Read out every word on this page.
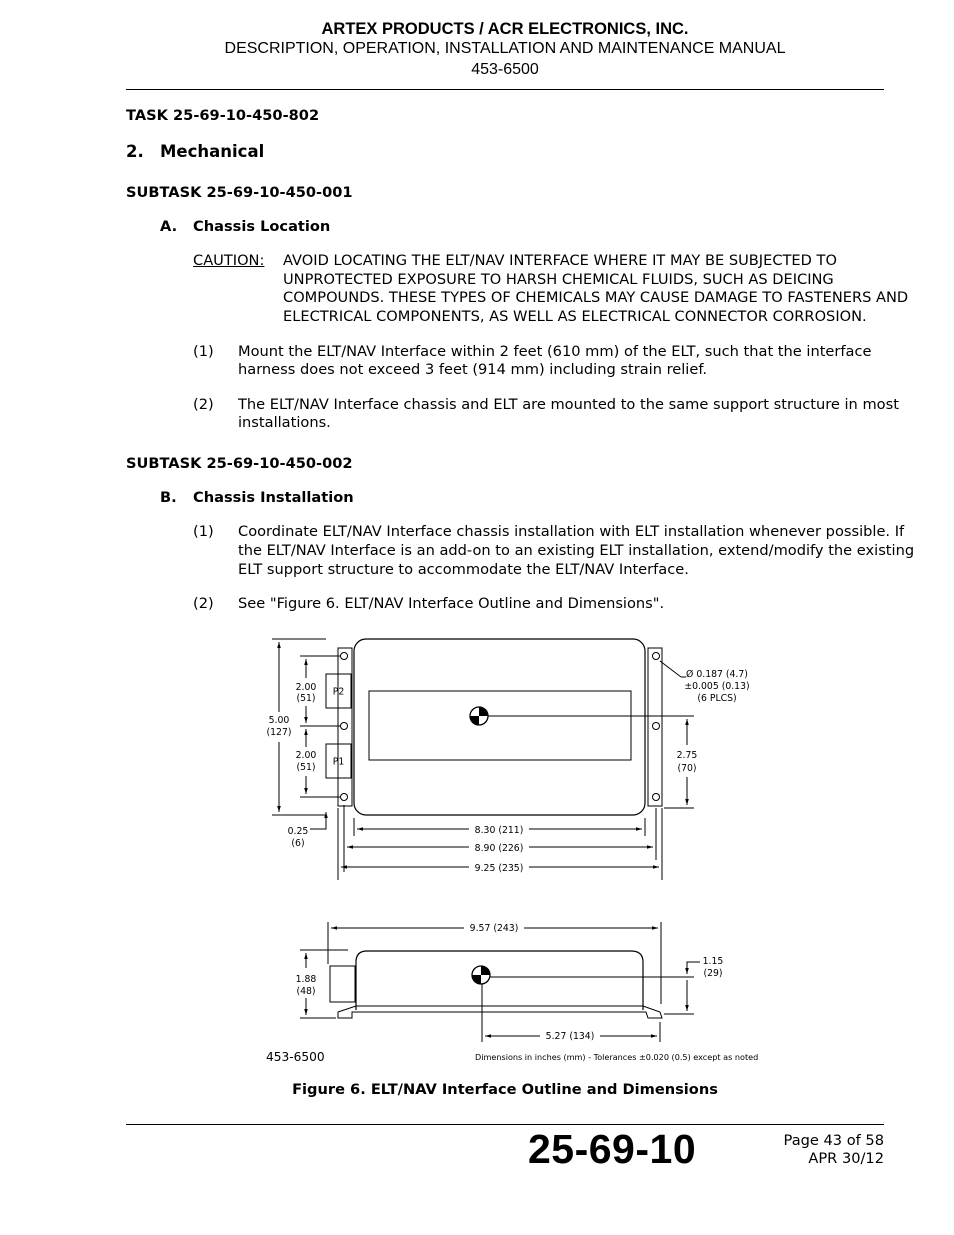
ARTEX PRODUCTS / ACR ELECTRONICS, INC.
DESCRIPTION, OPERATION, INSTALLATION AND MAINTENANCE MANUAL
453-6500
TASK 25-69-10-450-802
2. Mechanical
SUBTASK 25-69-10-450-001
A. Chassis Location
CAUTION: AVOID LOCATING THE ELT/NAV INTERFACE WHERE IT MAY BE SUBJECTED TO
UNPROTECTED EXPOSURE TO HARSH CHEMICAL FLUIDS, SUCH AS DEICING
COMPOUNDS. THESE TYPES OF CHEMICALS MAY CAUSE DAMAGE TO FASTENERS AND
ELECTRICAL COMPONENTS, AS WELL AS ELECTRICAL CONNECTOR CORROSION.
(1) Mount the ELT/NAV Interface within 2 feet (610 mm) of the ELT, such that the interface
harness does not exceed 3 feet (914 mm) including strain relief.
(2) The ELT/NAV Interface chassis and ELT are mounted to the same support structure in most
installations.
SUBTASK 25-69-10-450-002
B. Chassis Installation
(1) Coordinate ELT/NAV Interface chassis installation with ELT installation whenever possible. If
the ELT/NAV Interface is an add-on to an existing ELT installation, extend/modify the existing
ELT support structure to accommodate the ELT/NAV Interface.
(2) See "Figure 6. ELT/NAV Interface Outline and Dimensions".
P2
P1
2.00
(51)
5.00
(127)
2.00
(51)
0.25
(6)
Ø 0.187 (4.7)
±0.005 (0.13)
(6 PLCS)
2.75
(70)
8.30 (211)
8.90 (226)
9.25 (235)
9.57 (243)
1.88
(48)
1.15
(29)
5.27 (134)
453-6500	Dimensions in inches (mm) - Tolerances ±0.020 (0.5) except as noted
Figure 6. ELT/NAV Interface Outline and Dimensions
25-69-10	Page 43 of 58
APR 30/12
